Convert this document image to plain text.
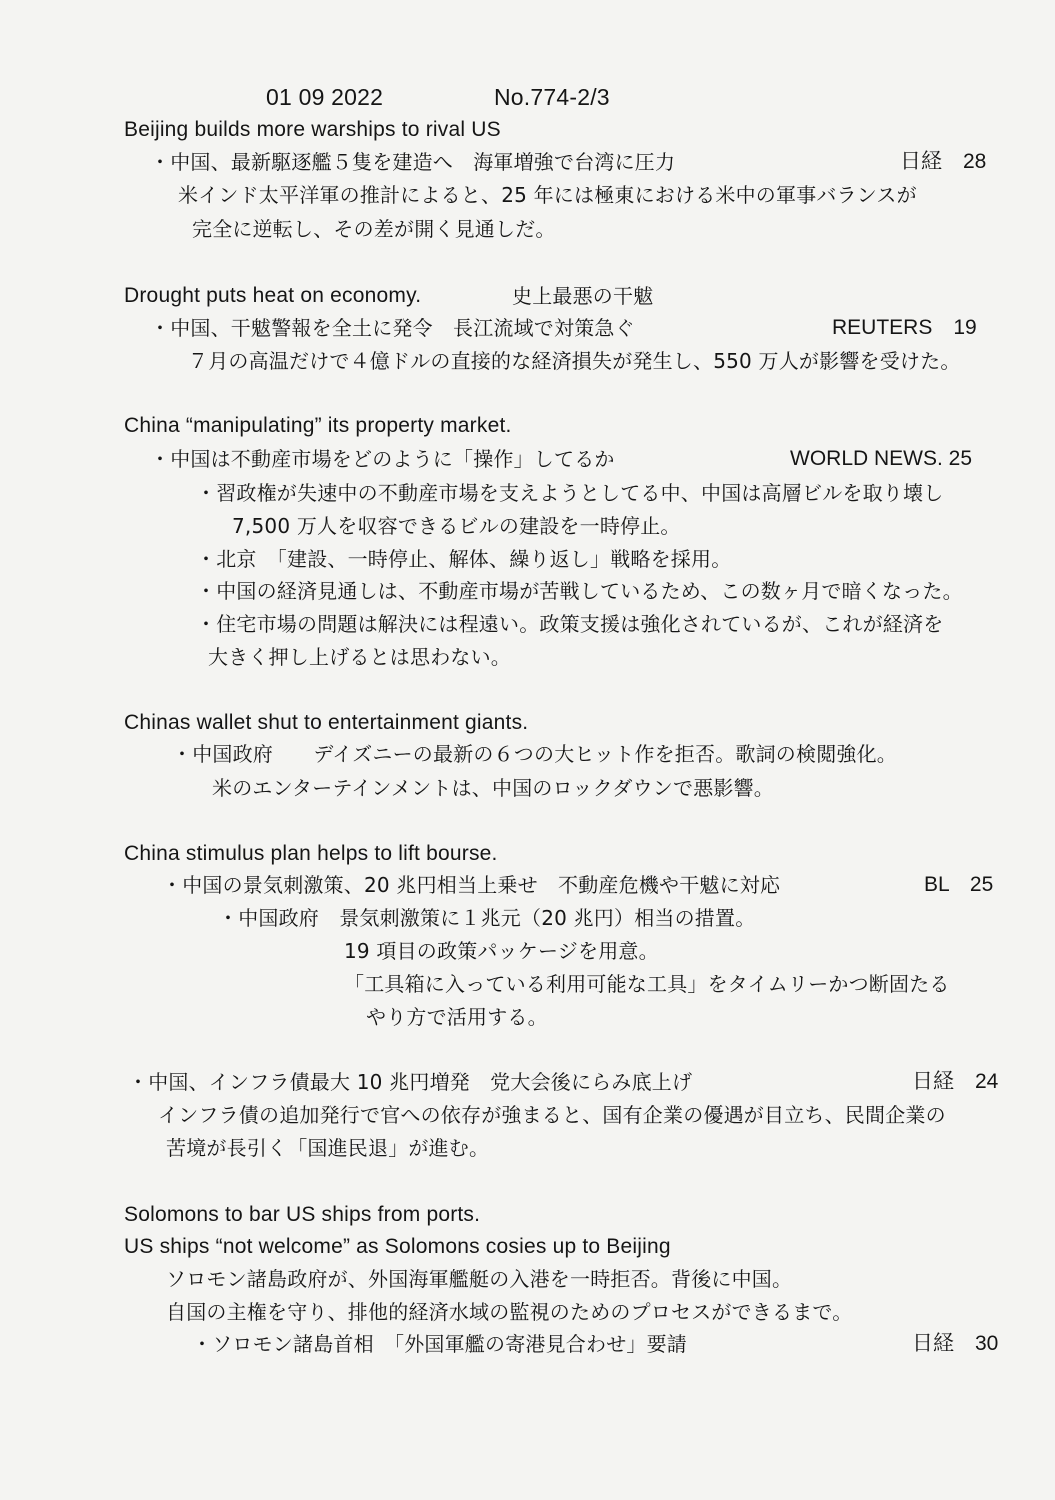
01 09 2022	No.774-2/3
Beijing builds more warships to rival US
・中国、最新駆逐艦５隻を建造へ　海軍増強で台湾に圧力	日経　28
米インド太平洋軍の推計によると、25 年には極東における米中の軍事バランスが
完全に逆転し、その差が開く見通しだ。
Drought puts heat on economy.	史上最悪の干魃
・中国、干魃警報を全土に発令　長江流域で対策急ぐ	REUTERS　19
７月の高温だけで４億ドルの直接的な経済損失が発生し、550 万人が影響を受けた。
China “manipulating” its property market.
・中国は不動産市場をどのように「操作」してるか	WORLD NEWS. 25
・習政権が失速中の不動産市場を支えようとしてる中、中国は高層ビルを取り壊し
7,500 万人を収容できるビルの建設を一時停止。
・北京　「建設、一時停止、解体、繰り返し」戦略を採用。
・中国の経済見通しは、不動産市場が苦戦しているため、この数ヶ月で暗くなった。
・住宅市場の問題は解決には程遠い。政策支援は強化されているが、これが経済を
大きく押し上げるとは思わない。
Chinas wallet shut to entertainment giants.
・中国政府　　デイズニーの最新の６つの大ヒット作を拒否。歌詞の検閲強化。
米のエンターテインメントは、中国のロックダウンで悪影響。
China stimulus plan helps to lift bourse.
・中国の景気刺激策、20 兆円相当上乗せ　不動産危機や干魃に対応	BL　25
・中国政府　景気刺激策に１兆元（20 兆円）相当の措置。
19 項目の政策パッケージを用意。
「工具箱に入っている利用可能な工具」をタイムリーかつ断固たる
やり方で活用する。
・中国、インフラ債最大 10 兆円増発　党大会後にらみ底上げ	日経　24
インフラ債の追加発行で官への依存が強まると、国有企業の優遇が目立ち、民間企業の
苦境が長引く「国進民退」が進む。
Solomons to bar US ships from ports.
US ships “not welcome” as Solomons cosies up to Beijing
ソロモン諸島政府が、外国海軍艦艇の入港を一時拒否。背後に中国。
自国の主権を守り、排他的経済水域の監視のためのプロセスができるまで。
・ソロモン諸島首相　「外国軍艦の寄港見合わせ」要請	日経　30
